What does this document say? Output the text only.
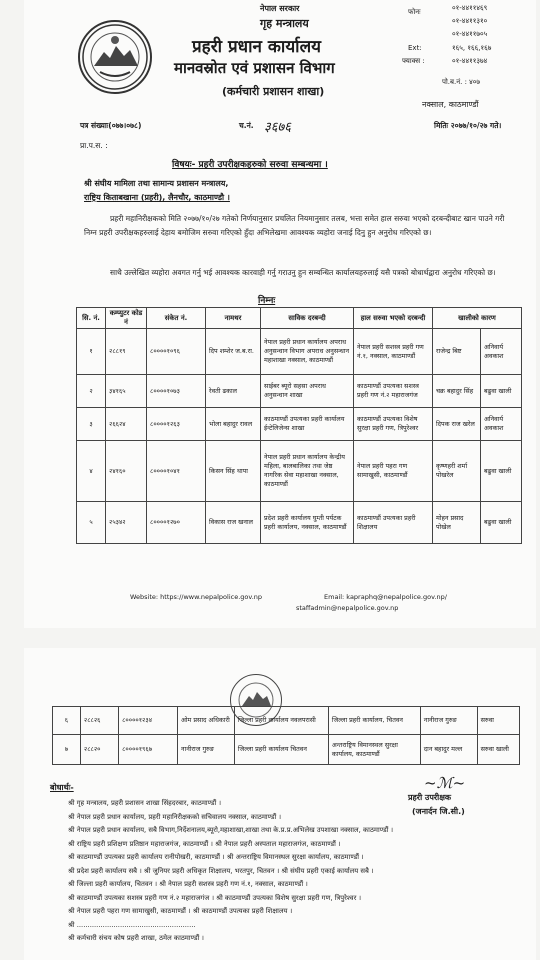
नेपाल सरकार
गृह मन्त्रालय
प्रहरी प्रधान कार्यालय
मानवस्रोत एवं प्रशासन विभाग
(कर्मचारी प्रशासन शाखा)
फोनः	०१-४४११४६९
०१-४४११३१०
०१-४४११७०५
Ext:	१६५, १६६,१६७
फ्याक्स :	०१-४४११३७४
पो.ब.नं. : ४०७
नक्साल, काठमाण्डौं
पत्र संख्याः(०७७।०७८)	च.नं. ३६७६	मितिः २०७७/१०/२७ गते।
प्रा.प.स. :
विषयः- प्रहरी उपरीक्षकहरुको सरुवा सम्बन्धमा ।
श्री संघीय मामिला तथा सामान्य प्रशासन मन्त्रालय,
राष्ट्रिय किताबखाना (प्रहरी), लैनचौर, काठमाण्डौ ।
प्रहरी महानिरीक्षकको मिति २०७७/१०/२७ गतेको निर्णयानुसार प्रचलित नियमानुसार तलब, भत्ता समेत हाल सरुवा भएको दरबन्दीबाट खान पाउने गरी निम्न प्रहरी उपरीक्षकहरुलाई देहाय बमोजिम सरुवा गरिएको हुँदा अभिलेखमा आवश्यक व्यहोरा जनाई दिनु हुन अनुरोध गरिएको छ।
साथै उल्लेखित व्यहोरा अवगत गर्नु भई आवश्यक कारवाही गर्नु गराउनु हुन सम्बन्धित कार्यालयहरुलाई यसै पत्रको बोधार्थद्वारा अनुरोध गरिएको छ।
निम्नः
सि. नं.	कम्प्युटर कोड नं	संकेत नं.	नामथर	साविक दरबन्दी	हाल सरुवा भएको दरबन्दी	खालीको कारण	
१	२८८१९	८००००१०९६	दिप शम्शेर ज.ब.रा.	नेपाल प्रहरी प्रधान कार्यालय अपराध अनुसन्धान विभाग अपराध अनुसन्धान महाशाखा नक्साल, काठमाण्डौं	नेपाल प्रहरी सशस्त्र प्रहरी गण नं.१, नक्साल, काठमाण्डौं	राजेन्द्र बिष्ट	अनिवार्य अवकाश
२	३४१६५	८००००१०७३	रेवती ढकाल	साईबर ब्यूरो सहसा अपराध अनुसन्धान शाखा	काठमाण्डौं उपत्यका सशस्त्र प्रहरी गण नं.२ महाराजगंज	चक्र बहादुर सिंह	बढुवा खाली
३	२६६२४	८००००१२६३	भोला बहादुर रावल	काठमाण्डौं उपत्यका प्रहरी कार्यालय ईन्टेलिजेन्स शाखा	काठमाण्डौं उपत्यका विशेष सुरक्षा प्रहरी गण, त्रिपुरेश्वर	दिपक राज खरेल	अनिवार्य अवकाश
४	२४१६०	८००००१०४१	किसन सिंह थापा	नेपाल प्रहरी प्रधान कार्यालय केन्द्रीय महिला, बालबालिका तथा जेष्ठ नागरिक सेवा महाशाखा नक्साल, काठमाण्डौं	नेपाल प्रहरी पहरा गण सामाखुसी, काठमाण्डौं	कृष्णहरी शर्मा पोखरेल	बढुवा खाली
५	२५३४२	८००००१२७०	विकास राज खनाल	प्रदेश प्रहरी कार्यालय घुम्ती पर्यटक प्रहरी कार्यालय, नक्साल, काठमाण्डौं	काठमाण्डौं उपत्यका प्रहरी शिक्षालय	मोहन प्रसाद पोखेल	बढुवा खाली
Website: https://www.nepalpolice.gov.np	Email: kapraphq@nepalpolice.gov.np/
staffadmin@nepalpolice.gov.np
६	२८८२६	८००००१२३४	ओम प्रसाद अधिकारी	जिल्ला प्रहरी कार्यालय नवलपरासी	जिल्ला प्रहरी कार्यालय, चितवन	नानीराज गुरुङ	सरुवा
७	२८८२०	८००००१९६७	नानीराज गुरुङ	जिल्ला प्रहरी कार्यालय चितवन	अन्तराष्ट्रिय विमानस्थल सुरक्षा कार्यालय, काठमाण्डौं	दान बहादुर मल्ल	सरुवा खाली
~ℳ~
प्रहरी उपरीक्षक
(जनार्दन जि.सी.)
बोधार्थः-
श्री गृह मन्त्रालय, प्रहरी प्रशासन शाखा सिंहदरबार, काठमाण्डौं ।
श्री नेपाल प्रहरी प्रधान कार्यालय, प्रहरी महानिरीक्षकको सचिवालय नक्साल, काठमाण्डौं ।
श्री नेपाल प्रहरी प्रधान कार्यालय, सबै विभाग,निर्देशनालय,ब्यूरो,महाशाखा,शाखा तथा के.प्र.प्र.अभिलेख उपशाखा नक्साल, काठमाण्डौं ।
श्री राष्ट्रिय प्रहरी प्रशिक्षण प्रतिष्ठान महाराजगंज, काठमाण्डौं । श्री नेपाल प्रहरी अस्पताल महाराजगंज, काठमाण्डौं ।
श्री काठमाण्डौं उपत्यका प्रहरी कार्यालय रानीपोखरी, काठमाण्डौं । श्री अन्तराष्ट्रिय विमानस्थल सुरक्षा कार्यालय, काठमाण्डौं ।
श्री प्रदेश प्रहरी कार्यालय सबै । श्री जुनियर प्रहरी अधिकृत शिक्षालय, भरतपुर, चितवन । श्री संघीय प्रहरी एकाई कार्यालय सबै ।
श्री जिल्ला प्रहरी कार्यालय, चितवन । श्री नेपाल प्रहरी सशस्त्र प्रहरी गण नं.१, नक्साल, काठमाण्डौं ।
श्री काठमाण्डौं उपत्यका सशस्त्र प्रहरी गण नं.२ महाराजगंज । श्री काठमाण्डौं उपत्यका विशेष सुरक्षा प्रहरी गण, त्रिपुरेश्वर ।
श्री नेपाल प्रहरी पहरा गण सामाखुसी, काठमाण्डौं । श्री काठमाण्डौं उपत्यका प्रहरी शिक्षालय ।
श्री .......................................................
श्री कर्मचारी संचय कोष प्रहरी शाखा, ठमेल काठमाण्डौं ।
